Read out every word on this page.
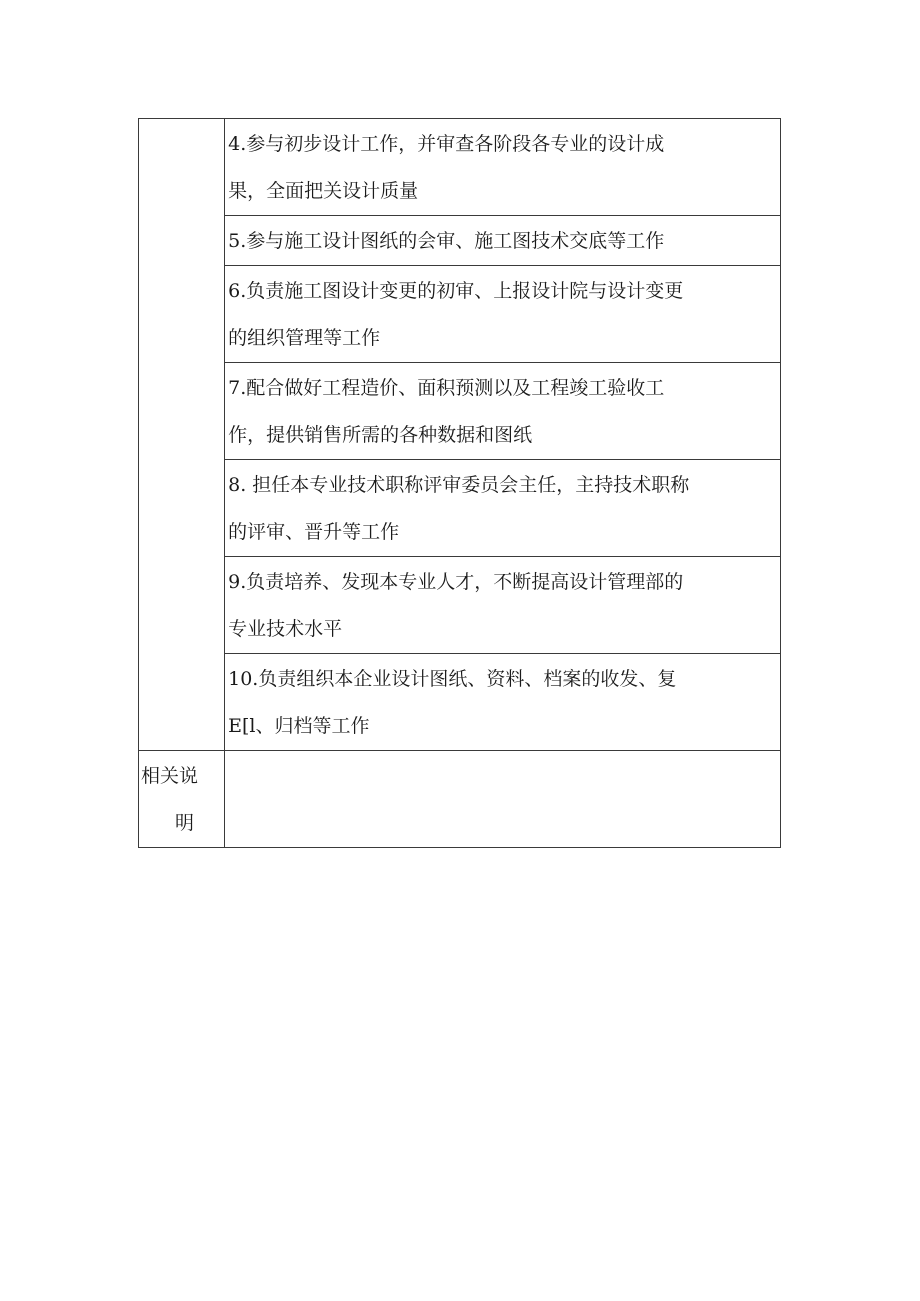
	4.参与初步设计工作，并审查各阶段各专业的设计成
果，全面把关设计质量

	5.参与施工设计图纸的会审、施工图技术交底等工作

	6.负责施工图设计变更的初审、上报设计院与设计变更
的组织管理等工作

	7.配合做好工程造价、面积预测以及工程竣工验收工
作，提供销售所需的各种数据和图纸

	8. 担任本专业技术职称评审委员会主任，主持技术职称
的评审、晋升等工作

	9.负责培养、发现本专业人才，不断提高设计管理部的
专业技术水平

	10.负责组织本企业设计图纸、资料、档案的收发、复
E[l、归档等工作

相关说
明	
